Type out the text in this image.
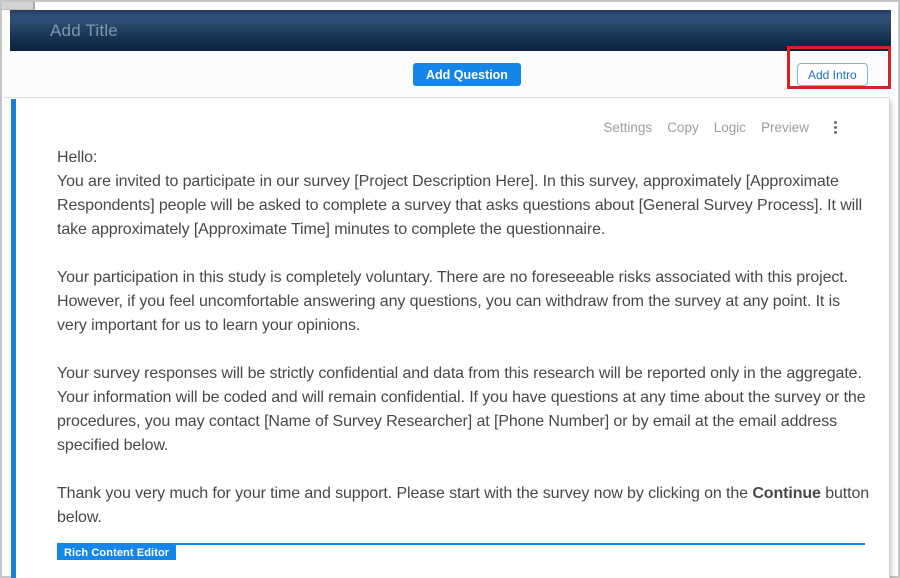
Add Title
Add Question	Add Intro
Settings Copy Logic Preview
Hello:

You are invited to participate in our survey [Project Description Here]. In this survey, approximately [Approximate Respondents] people will be asked to complete a survey that asks questions about [General Survey Process]. It will take approximately [Approximate Time] minutes to complete the questionnaire.

Your participation in this study is completely voluntary. There are no foreseeable risks associated with this project. However, if you feel uncomfortable answering any questions, you can withdraw from the survey at any point. It is very important for us to learn your opinions.

Your survey responses will be strictly confidential and data from this research will be reported only in the aggregate. Your information will be coded and will remain confidential. If you have questions at any time about the survey or the procedures, you may contact [Name of Survey Researcher] at [Phone Number] or by email at the email address specified below.

Thank you very much for your time and support. Please start with the survey now by clicking on the Continue button below.

Rich Content Editor
